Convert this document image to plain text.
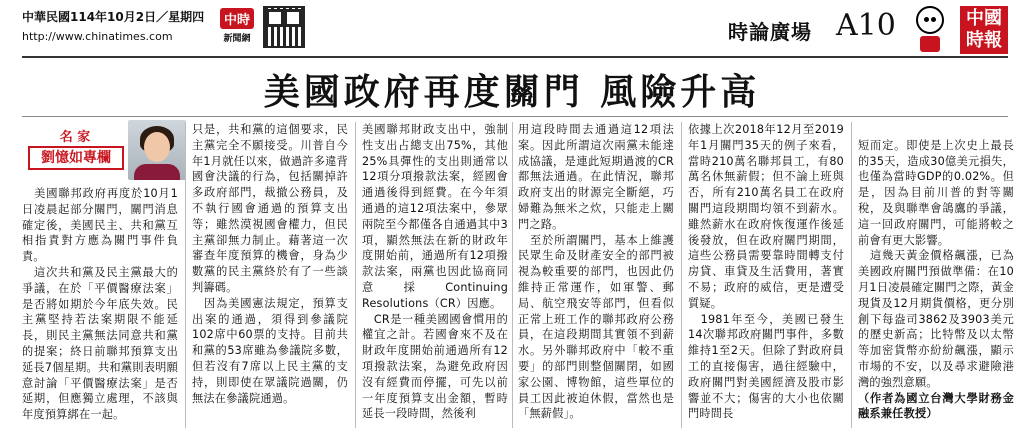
中華民國114年10月2日／星期四
http://www.chinatimes.com
中時
新聞網	時論廣場 A10	中國時報
美國政府再度關門 風險升高
名 家
劉憶如專欄
　美國聯邦政府再度於10月1日凌晨起部分關門，關門消息確定後，美國民主、共和黨互相指責對方應為關門事件負責。
　這次共和黨及民主黨最大的爭議，在於「平價醫療法案」是否將如期於今年底失效。民主黨堅持若法案期限不能延長，則民主黨無法同意共和黨的提案；終日前聯邦預算支出延長7個星期。共和黨則表明願意討論「平價醫療法案」是否延期，但應獨立處理，不該與年度預算綁在一起。
只是，共和黨的這個要求，民主黨完全不願接受。川普自今年1月就任以來，做過許多違背國會決議的行為，包括關掉許多政府部門，裁撤公務員，及不執行國會通過的預算支出等；雖然漠視國會權力，但民主黨卻無力制止。藉著這一次審查年度預算的機會，身為少數黨的民主黨終於有了一些談判籌碼。
　因為美國憲法規定，預算支出案的通過，須得到參議院102席中60票的支持。目前共和黨的53席雖為參議院多數，但若沒有7席以上民主黨的支持，則即使在眾議院過關，仍無法在參議院通過。
美國聯邦財政支出中，強制性支出占總支出75%，其他25%具彈性的支出則通常以12項分項撥款法案，經國會通過後得到經費。在今年須通過的這12項法案中，參眾兩院至今都僅各自通過其中3項，顯然無法在新的財政年度開始前，通過所有12項撥款法案，兩黨也因此協商同意採Continuing Resolutions（CR）因應。
　CR是一種美國國會慣用的權宜之計。若國會來不及在財政年度開始前通過所有12項撥款法案，為避免政府因沒有經費而停擺，可先以前一年度預算支出金額，暫時延長一段時間，然後利
用這段時間去通過這12項法案。因此所謂這次兩黨未能達成協議，是連此短期過渡的CR都無法通過。在此情況，聯邦政府支出的財源完全斷絕，巧婦難為無米之炊，只能走上關門之路。
　至於所謂關門，基本上維護民眾生命及財產安全的部門被視為較重要的部門，也因此仍維持正常運作，如軍警、郵局、航空飛安等部門，但看似正常上班工作的聯邦政府公務員，在這段期間其實領不到薪水。另外聯邦政府中「較不重要」的部門則整個關閉，如國家公園、博物館，這些單位的員工因此被迫休假，當然也是「無薪假」。
依據上次2018年12月至2019年1月關門35天的例子來看，當時210萬名聯邦員工，有80萬名休無薪假；但不論上班與否，所有210萬名員工在政府關門這段期間均領不到薪水。雖然薪水在政府恢復運作後延後發放，但在政府關門期間，這些公務員需要靠時間轉支付房貸、車貸及生活費用，著實不易；政府的威信，更是遭受質疑。
　1981年至今，美國已發生14次聯邦政府關門事件，多數維持1至2天。但除了對政府員工的直接傷害，過往經驗中，政府關門對美國經濟及股市影響並不大；傷害的大小也依關門時間長

短而定。即使是上次史上最長的35天，造成30億美元損失，也僅為當時GDP的0.02%。但是，因為目前川普的對等關稅，及與聯準會鴿鷹的爭議，這一回政府關門，可能將較之前會有更大影響。
　這幾天黃金價格飆漲，已為美國政府關門預做準備：在10月1日凌晨確定關門之際，黃金現貨及12月期貨價格，更分別創下每盎司3862及3903美元的歷史新高；比特幣及以太幣等加密貨幣亦紛紛飆漲，顯示市場的不安，以及尋求避險港灣的強烈意願。
（作者為國立台灣大學財務金融系兼任教授）
